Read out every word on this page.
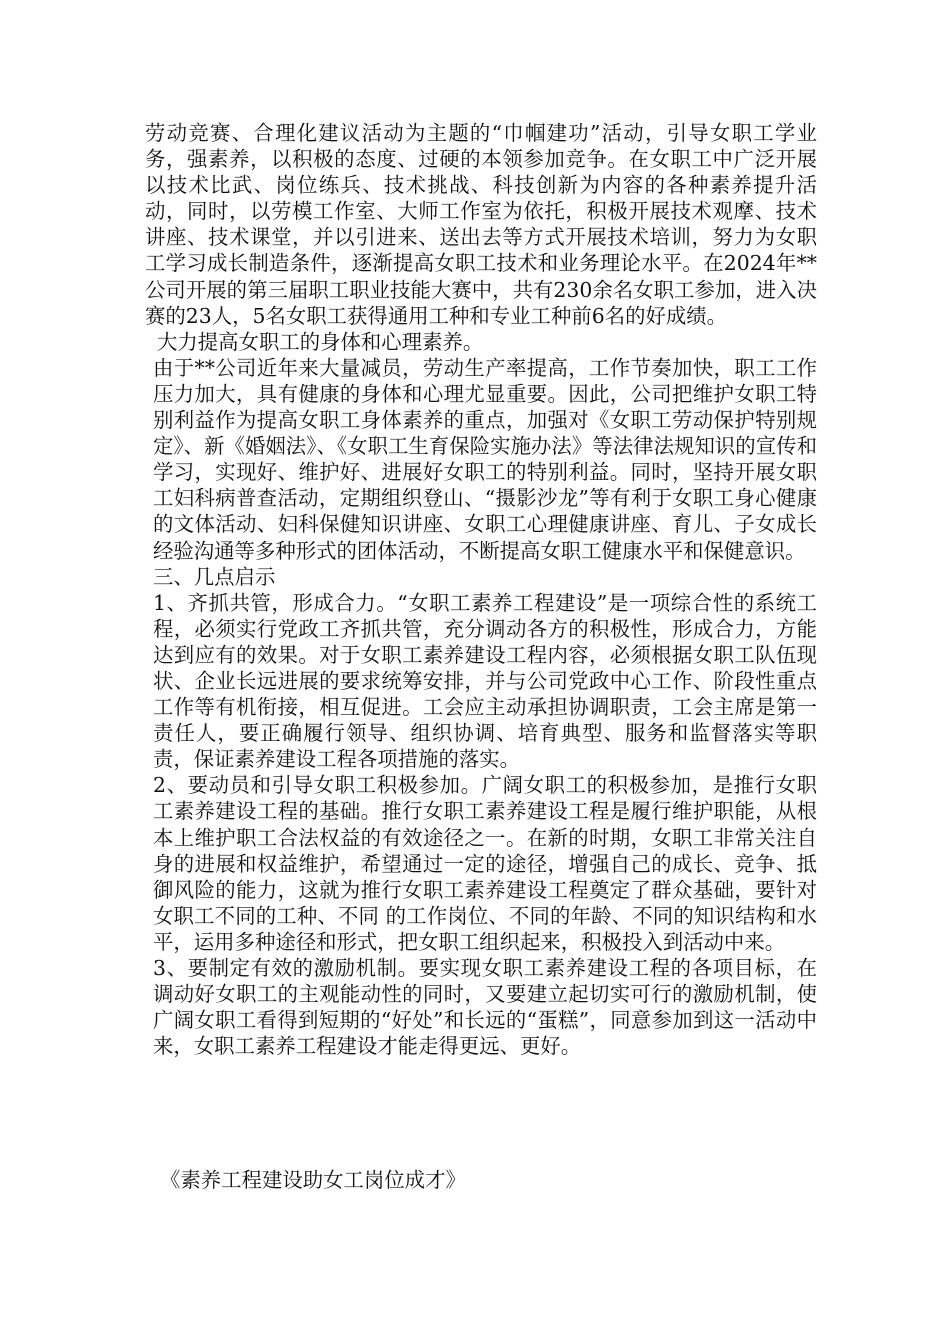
劳动竞赛、合理化建议活动为主题的“巾帼建功”活动，引导女职工学业务，强素养，以积极的态度、过硬的本领参加竞争。在女职工中广泛开展以技术比武、岗位练兵、技术挑战、科技创新为内容的各种素养提升活动，同时，以劳模工作室、大师工作室为依托，积极开展技术观摩、技术讲座、技术课堂，并以引进来、送出去等方式开展技术培训，努力为女职工学习成长制造条件，逐渐提高女职工技术和业务理论水平。在2024年**公司开展的第三届职工职业技能大赛中，共有230余名女职工参加，进入决赛的23人，5名女职工获得通用工种和专业工种前6名的好成绩。

大力提高女职工的身体和心理素养。

由于**公司近年来大量减员，劳动生产率提高，工作节奏加快，职工工作压力加大，具有健康的身体和心理尤显重要。因此，公司把维护女职工特别利益作为提高女职工身体素养的重点，加强对《女职工劳动保护特别规定》、新《婚姻法》、《女职工生育保险实施办法》等法律法规知识的宣传和学习，实现好、维护好、进展好女职工的特别利益。同时，坚持开展女职工妇科病普查活动，定期组织登山、“摄影沙龙”等有利于女职工身心健康的文体活动、妇科保健知识讲座、女职工心理健康讲座、育儿、子女成长经验沟通等多种形式的团体活动，不断提高女职工健康水平和保健意识。

三、几点启示

1、齐抓共管，形成合力。“女职工素养工程建设”是一项综合性的系统工程，必须实行党政工齐抓共管，充分调动各方的积极性，形成合力，方能达到应有的效果。对于女职工素养建设工程内容，必须根据女职工队伍现状、企业长远进展的要求统筹安排，并与公司党政中心工作、阶段性重点工作等有机衔接，相互促进。工会应主动承担协调职责，工会主席是第一责任人，要正确履行领导、组织协调、培育典型、服务和监督落实等职责，保证素养建设工程各项措施的落实。

2、要动员和引导女职工积极参加。广阔女职工的积极参加，是推行女职工素养建设工程的基础。推行女职工素养建设工程是履行维护职能，从根本上维护职工合法权益的有效途径之一。在新的时期，女职工非常关注自身的进展和权益维护，希望通过一定的途径，增强自己的成长、竞争、抵御风险的能力，这就为推行女职工素养建设工程奠定了群众基础，要针对女职工不同的工种、不同 的工作岗位、不同的年龄、不同的知识结构和水平，运用多种途径和形式，把女职工组织起来，积极投入到活动中来。

3、要制定有效的激励机制。要实现女职工素养建设工程的各项目标，在调动好女职工的主观能动性的同时，又要建立起切实可行的激励机制，使广阔女职工看得到短期的“好处”和长远的“蛋糕”，同意参加到这一活动中来，女职工素养工程建设才能走得更远、更好。

《素养工程建设助女工岗位成才》
